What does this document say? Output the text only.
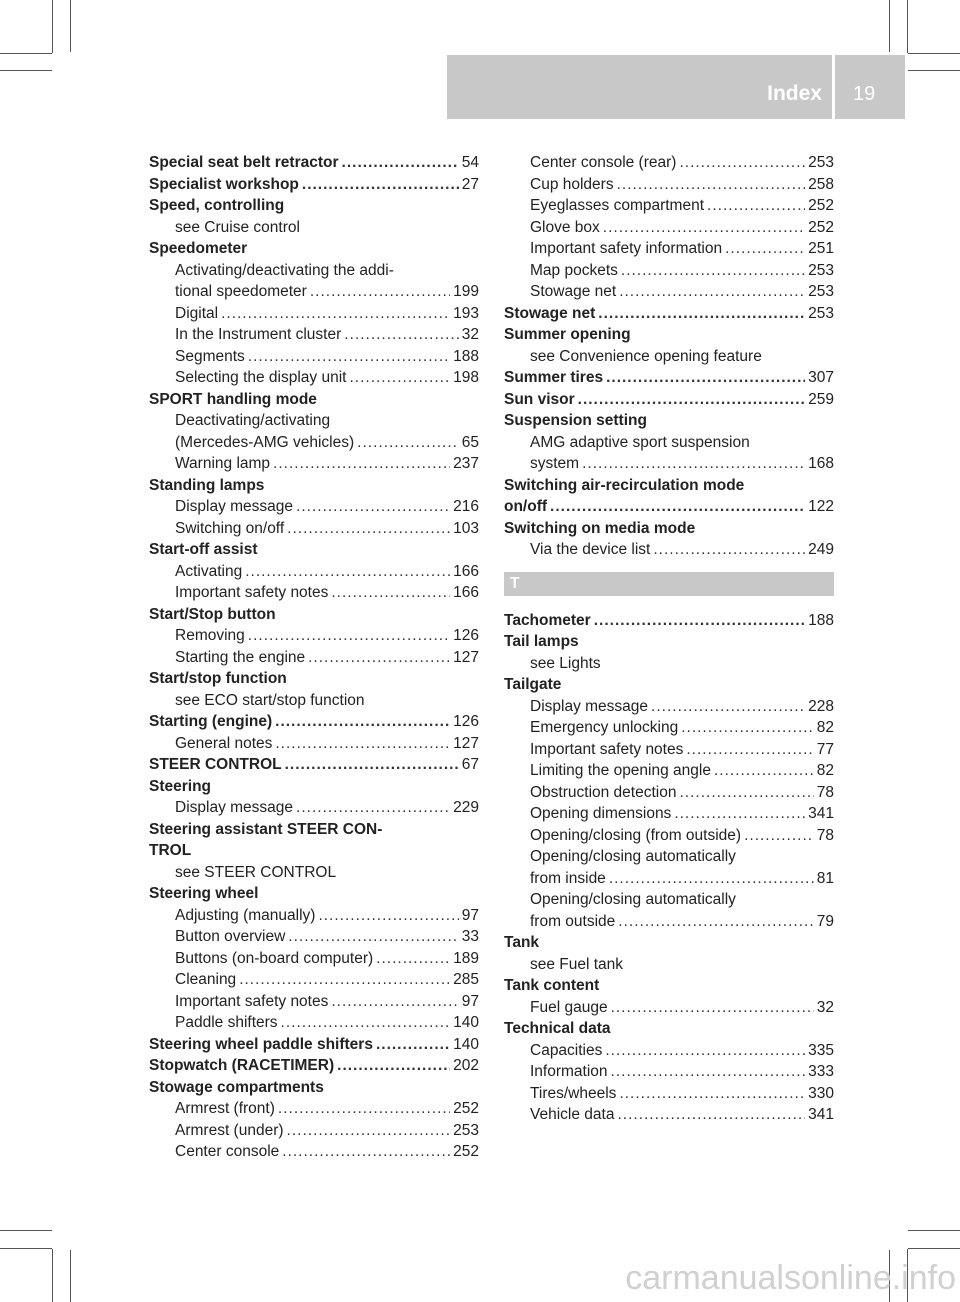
Index 19
Special seat belt retractor .....	54
Specialist workshop .....	27
Speed, controlling
see Cruise control
Speedometer
Activating/deactivating the addi-
tional speedometer .....	199
Digital .....	193
In the Instrument cluster .....	32
Segments .....	188
Selecting the display unit .....	198
SPORT handling mode
Deactivating/activating
(Mercedes-AMG vehicles) .....	65
Warning lamp .....	237
Standing lamps
Display message .....	216
Switching on/off .....	103
Start-off assist
Activating .....	166
Important safety notes .....	166
Start/Stop button
Removing .....	126
Starting the engine .....	127
Start/stop function
see ECO start/stop function
Starting (engine) .....	126
General notes .....	127
STEER CONTROL .....	67
Steering
Display message .....	229
Steering assistant STEER CON-
TROL
see STEER CONTROL
Steering wheel
Adjusting (manually) .....	97
Button overview .....	33
Buttons (on-board computer) .....	189
Cleaning .....	285
Important safety notes .....	97
Paddle shifters .....	140
Steering wheel paddle shifters .....	140
Stopwatch (RACETIMER) .....	202
Stowage compartments
Armrest (front) .....	252
Armrest (under) .....	253
Center console .....	252
Center console (rear) .....	253
Cup holders .....	258
Eyeglasses compartment .....	252
Glove box .....	252
Important safety information .....	251
Map pockets .....	253
Stowage net .....	253
Stowage net .....	253
Summer opening
see Convenience opening feature
Summer tires .....	307
Sun visor .....	259
Suspension setting
AMG adaptive sport suspension
system .....	168
Switching air-recirculation mode
on/off .....	122
Switching on media mode
Via the device list .....	249
T
Tachometer .....	188
Tail lamps
see Lights
Tailgate
Display message .....	228
Emergency unlocking .....	82
Important safety notes .....	77
Limiting the opening angle .....	82
Obstruction detection .....	78
Opening dimensions .....	341
Opening/closing (from outside) .....	78
Opening/closing automatically
from inside .....	81
Opening/closing automatically
from outside .....	79
Tank
see Fuel tank
Tank content
Fuel gauge .....	32
Technical data
Capacities .....	335
Information .....	333
Tires/wheels .....	330
Vehicle data .....	341
carmanualsonline.info
